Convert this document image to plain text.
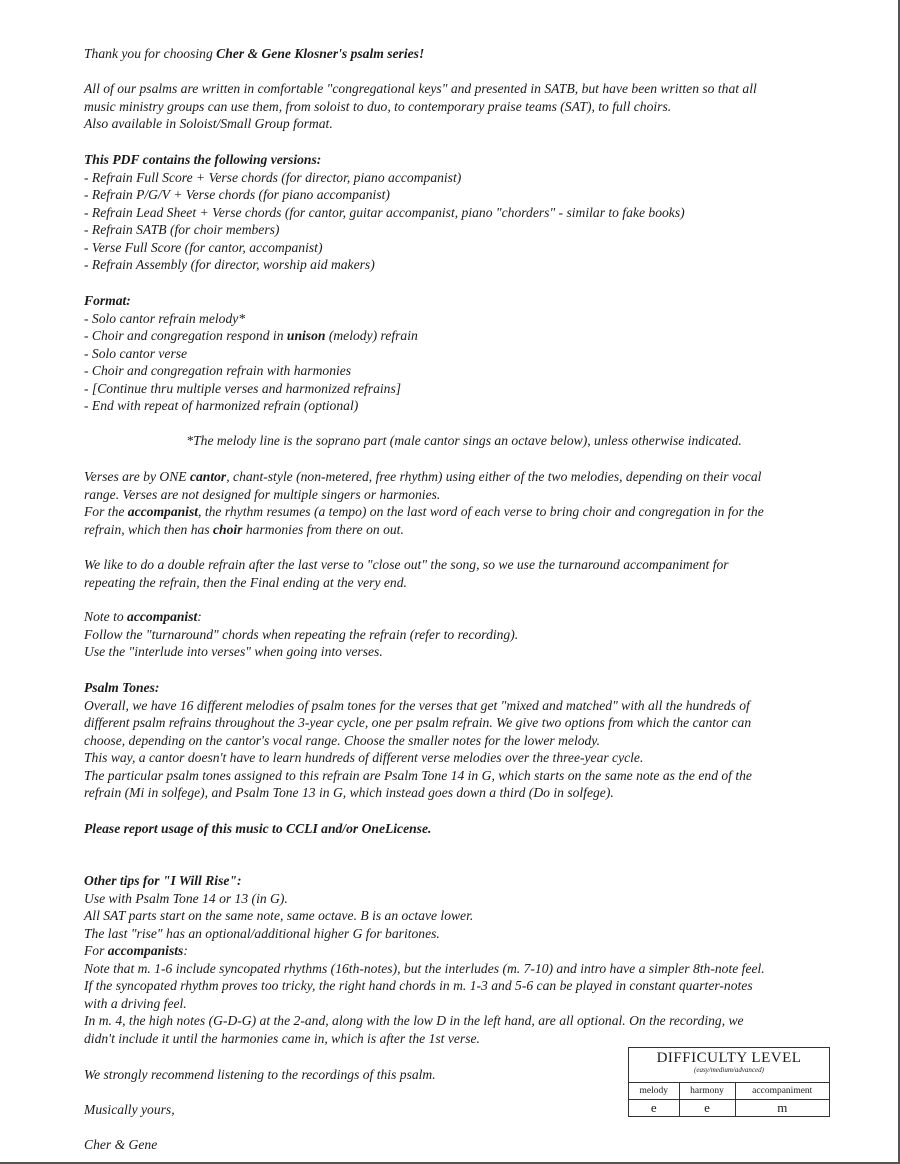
Thank you for choosing Cher & Gene Klosner's psalm series!
All of our psalms are written in comfortable "congregational keys" and presented in SATB, but have been written so that all
music ministry groups can use them, from soloist to duo, to contemporary praise teams (SAT), to full choirs.
Also available in Soloist/Small Group format.
This PDF contains the following versions:
- Refrain Full Score + Verse chords (for director, piano accompanist)
- Refrain P/G/V + Verse chords (for piano accompanist)
- Refrain Lead Sheet + Verse chords (for cantor, guitar accompanist, piano "chorders" - similar to fake books)
- Refrain SATB (for choir members)
- Verse Full Score (for cantor, accompanist)
- Refrain Assembly (for director, worship aid makers)
Format:
- Solo cantor refrain melody*
- Choir and congregation respond in unison (melody) refrain
- Solo cantor verse
- Choir and congregation refrain with harmonies
- [Continue thru multiple verses and harmonized refrains]
- End with repeat of harmonized refrain (optional)
*The melody line is the soprano part (male cantor sings an octave below), unless otherwise indicated.
Verses are by ONE cantor, chant-style (non-metered, free rhythm) using either of the two melodies, depending on their vocal
range. Verses are not designed for multiple singers or harmonies.
For the accompanist, the rhythm resumes (a tempo) on the last word of each verse to bring choir and congregation in for the
refrain, which then has choir harmonies from there on out.
We like to do a double refrain after the last verse to "close out" the song, so we use the turnaround accompaniment for
repeating the refrain, then the Final ending at the very end.
Note to accompanist:
Follow the "turnaround" chords when repeating the refrain (refer to recording).
Use the "interlude into verses" when going into verses.
Psalm Tones:
Overall, we have 16 different melodies of psalm tones for the verses that get "mixed and matched" with all the hundreds of
different psalm refrains throughout the 3-year cycle, one per psalm refrain. We give two options from which the cantor can
choose, depending on the cantor's vocal range. Choose the smaller notes for the lower melody.
This way, a cantor doesn't have to learn hundreds of different verse melodies over the three-year cycle.
The particular psalm tones assigned to this refrain are Psalm Tone 14 in G, which starts on the same note as the end of the
refrain (Mi in solfege), and Psalm Tone 13 in G, which instead goes down a third (Do in solfege).
Please report usage of this music to CCLI and/or OneLicense.
Other tips for "I Will Rise":
Use with Psalm Tone 14 or 13 (in G).
All SAT parts start on the same note, same octave. B is an octave lower.
The last "rise" has an optional/additional higher G for baritones.
For accompanists:
Note that m. 1-6 include syncopated rhythms (16th-notes), but the interludes (m. 7-10) and intro have a simpler 8th-note feel.
If the syncopated rhythm proves too tricky, the right hand chords in m. 1-3 and 5-6 can be played in constant quarter-notes
with a driving feel.
In m. 4, the high notes (G-D-G) at the 2-and, along with the low D in the left hand, are all optional. On the recording, we
didn't include it until the harmonies came in, which is after the 1st verse.
We strongly recommend listening to the recordings of this psalm.
Musically yours,
Cher & Gene
DIFFICULTY LEVEL
(easy/medium/advanced)
melody	harmony	accompaniment
e	e	m
